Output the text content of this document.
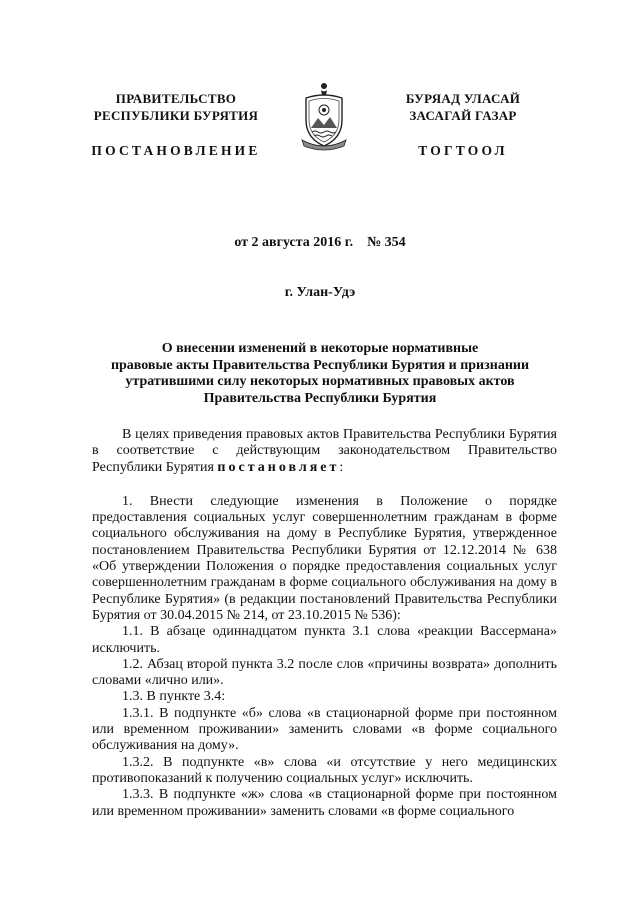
ПРАВИТЕЛЬСТВО
РЕСПУБЛИКИ БУРЯТИЯ
ПОСТАНОВЛЕНИЕ
БУРЯАД УЛАСАЙ
ЗАСАГАЙ ГАЗАР
ТОГТООЛ
от 2 августа 2016 г.    № 354
г. Улан-Удэ
О внесении изменений в некоторые нормативные
правовые акты Правительства Республики Бурятия и признании
утратившими силу некоторых нормативных правовых актов
Правительства Республики Бурятия

В целях приведения правовых актов Правительства Республики Бурятия в соответствие с действующим законодательством Правительство Республики Бурятия постановляет:

1. Внести следующие изменения в Положение о порядке предоставления социальных услуг совершеннолетним гражданам в форме социального обслуживания на дому в Республике Бурятия, утвержденное постановлением Правительства Республики Бурятия от 12.12.2014 № 638 «Об утверждении Положения о порядке предоставления социальных услуг совершеннолетним гражданам в форме социального обслуживания на дому в Республике Бурятия» (в редакции постановлений Правительства Республики Бурятия от 30.04.2015 № 214, от 23.10.2015 № 536):

1.1. В абзаце одиннадцатом пункта 3.1 слова «реакции Вассермана» исключить.

1.2. Абзац второй пункта 3.2 после слов «причины возврата» дополнить словами «лично или».

1.3. В пункте 3.4:

1.3.1. В подпункте «б» слова «в стационарной форме при постоянном или временном проживании» заменить словами «в форме социального обслуживания на дому».

1.3.2. В подпункте «в» слова «и отсутствие у него медицинских противопоказаний к получению социальных услуг» исключить.

1.3.3. В подпункте «ж» слова «в стационарной форме при постоянном или временном проживании» заменить словами «в форме социального
